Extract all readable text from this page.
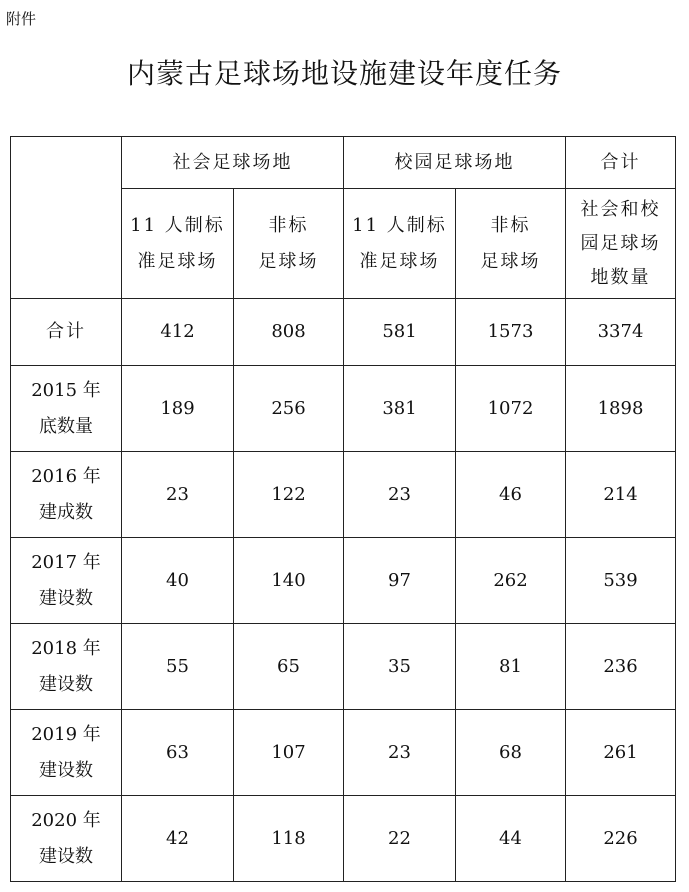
附件
内蒙古足球场地设施建设年度任务
	社会足球场地		校园足球场地		合计

	11 人制标
准足球场	非标
足球场	11 人制标
准足球场	非标
足球场	社会和校
园足球场
地数量

合计	412	808	581	1573	3374

2015 年
底数量	189	256	381	1072	1898

2016 年
建成数	23	122	23	46	214

2017 年
建设数	40	140	97	262	539

2018 年
建设数	55	65	35	81	236

2019 年
建设数	63	107	23	68	261

2020 年
建设数	42	118	22	44	226
